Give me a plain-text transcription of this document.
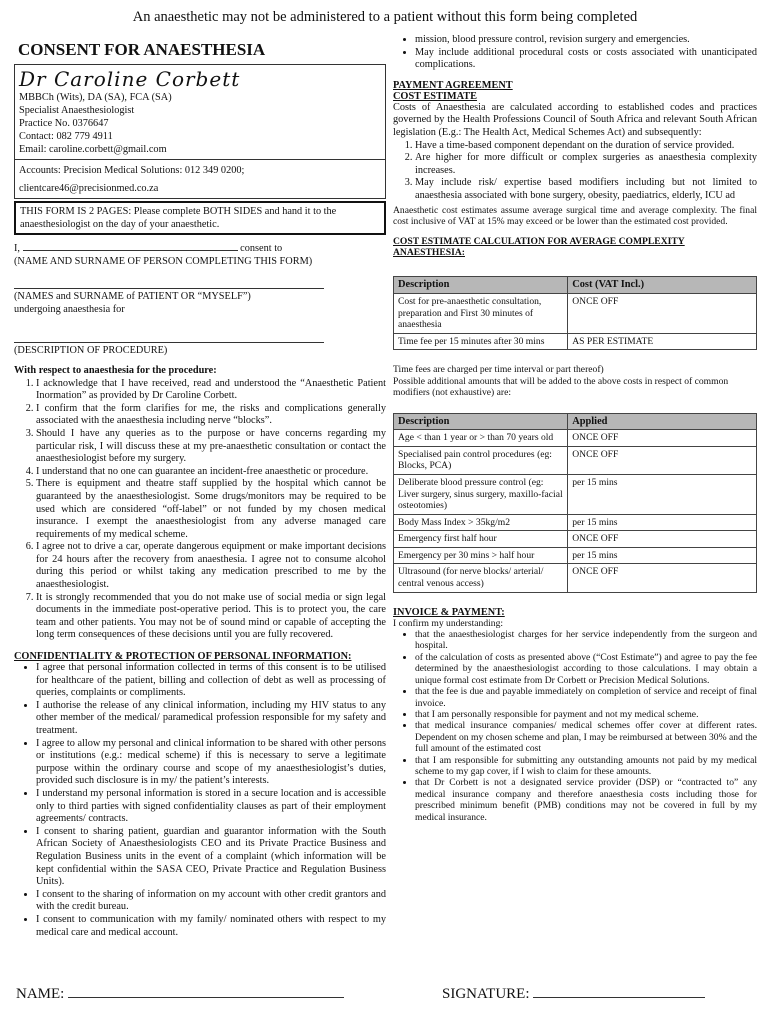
An anaesthetic may not be administered to a patient without this form being completed
CONSENT FOR ANAESTHESIA
Dr Caroline Corbett
MBBCh (Wits), DA (SA), FCA (SA)
Specialist Anaesthesiologist
Practice No. 0376647
Contact: 082 779 4911
Email: caroline.corbett@gmail.com
Accounts: Precision Medical Solutions: 012 349 0200;
clientcare46@precisionmed.co.za
THIS FORM IS 2 PAGES: Please complete BOTH SIDES and hand it to the anaesthesiologist on the day of your anaesthetic.
I,	consent to
(NAME AND SURNAME OF PERSON COMPLETING THIS FORM)
(NAMES and SURNAME of PATIENT OR “MYSELF”)
undergoing anaesthesia for
(DESCRIPTION OF PROCEDURE)
With respect to anaesthesia for the procedure:
1. I acknowledge that I have received, read and understood the “Anaesthetic Patient Inormation” as provided by Dr Caroline Corbett.
2. I confirm that the form clarifies for me, the risks and complications generally associated with the anaesthesia including nerve “blocks”.
3. Should I have any queries as to the purpose or have concerns regarding my particular risk, I will discuss these at my pre-anaesthetic consultation or contact the anaesthesiologist before my surgery.
4. I understand that no one can guarantee an incident-free anaesthetic or procedure.
5. There is equipment and theatre staff supplied by the hospital which cannot be guaranteed by the anaesthesiologist. Some drugs/monitors may be required to be used which are considered “off-label” or not funded by my chosen medical insurance. I exempt the anaesthesiologist from any adverse managed care requirements of my medical scheme.
6. I agree not to drive a car, operate dangerous equipment or make important decisions for 24 hours after the recovery from anaesthesia. I agree not to consume alcohol during this period or whilst taking any medication prescribed to me by the anaesthesiologist.
7. It is strongly recommended that you do not make use of social media or sign legal documents in the immediate post-operative period. This is to protect you, the care team and other patients. You may not be of sound mind or capable of accepting the long term consequences of these decisions until you are fully recovered.
CONFIDENTIALITY & PROTECTION OF PERSONAL INFORMATION:
• I agree that personal information collected in terms of this consent is to be utilised for healthcare of the patient, billing and collection of debt as well as processing of queries, complaints or compliments.
• I authorise the release of any clinical information, including my HIV status to any other member of the medical/ paramedical profession responsible for my safety and treatment.
• I agree to allow my personal and clinical information to be shared with other persons or institutions (e.g.: medical scheme) if this is necessary to serve a legitimate purpose within the ordinary course and scope of my anaesthesiologist’s duties, provided such disclosure is in my/ the patient’s interests.
• I understand my personal information is stored in a secure location and is accessible only to third parties with signed confidentiality clauses as part of their employment agreements/ contracts.
• I consent to sharing patient, guardian and guarantor information with the South African Society of Anaesthesiologists CEO and its Private Practice Business and Regulation Business units in the event of a complaint (which information will be kept confidential within the SASA CEO, Private Practice and Regulation Business Units).
• I consent to the sharing of information on my account with other credit grantors and with the credit bureau.
• I consent to communication with my family/ nominated others with respect to my medical care and medical account.
• mission, blood pressure control, revision surgery and emergencies.
• May include additional procedural costs or costs associated with unanticipated complications.
PAYMENT AGREEMENT
COST ESTIMATE
Costs of Anaesthesia are calculated according to established codes and practices governed by the Health Professions Council of South Africa and relevant South African legislation (E.g.: The Health Act, Medical Schemes Act) and subsequently:
1. Have a time-based component dependant on the duration of service provided.
2. Are higher for more difficult or complex surgeries as anaesthesia complexity increases.
3. May include risk/ expertise based modifiers including but not limited to anaesthesia associated with bone surgery, obesity, paediatrics, elderly, ICU ad
Anaesthetic cost estimates assume average surgical time and average complexity. The final cost inclusive of VAT at 15% may exceed or be lower than the estimated cost provided.
COST ESTIMATE CALCULATION FOR AVERAGE COMPLEXITY ANAESTHESIA:
Description	Cost (VAT Incl.)
Cost for pre-anaesthetic consultation, preparation and First 30 minutes of anaesthesia	ONCE OFF
Time fee per 15 minutes after 30 mins	AS PER ESTIMATE
Time fees are charged per time interval or part thereof)
Possible additional amounts that will be added to the above costs in respect of common modifiers (not exhaustive) are:
Description	Applied
Age < than 1 year or > than 70 years old	ONCE OFF
Specialised pain control procedures (eg: Blocks, PCA)	ONCE OFF
Deliberate blood pressure control (eg: Liver surgery, sinus surgery, maxillo-facial osteotomies)	per 15 mins
Body Mass Index > 35kg/m2	per 15 mins
Emergency first half hour	ONCE OFF
Emergency per 30 mins > half hour	per 15 mins
Ultrasound (for nerve blocks/ arterial/ central venous access)	ONCE OFF
INVOICE & PAYMENT:
I confirm my understanding:
• that the anaesthesiologist charges for her service independently from the surgeon and hospital.
• of the calculation of costs as presented above (“Cost Estimate”) and agree to pay the fee determined by the anaesthesiologist according to those calculations. I may obtain a unique formal cost estimate from Dr Corbett or Precision Medical Solutions.
• that the fee is due and payable immediately on completion of service and receipt of final invoice.
• that I am personally responsible for payment and not my medical scheme.
• that medical insurance companies/ medical schemes offer cover at different rates. Dependent on my chosen scheme and plan, I may be reimbursed at between 30% and the full amount of the estimated cost
• that I am responsible for submitting any outstanding amounts not paid by my medical scheme to my gap cover, if I wish to claim for these amounts.
• that Dr Corbett is not a designated service provider (DSP) or “contracted to” any medical insurance company and therefore anaesthesia costs including those for prescribed minimum benefit (PMB) conditions may not be covered in full by my medical insurance.
NAME:	SIGNATURE:
